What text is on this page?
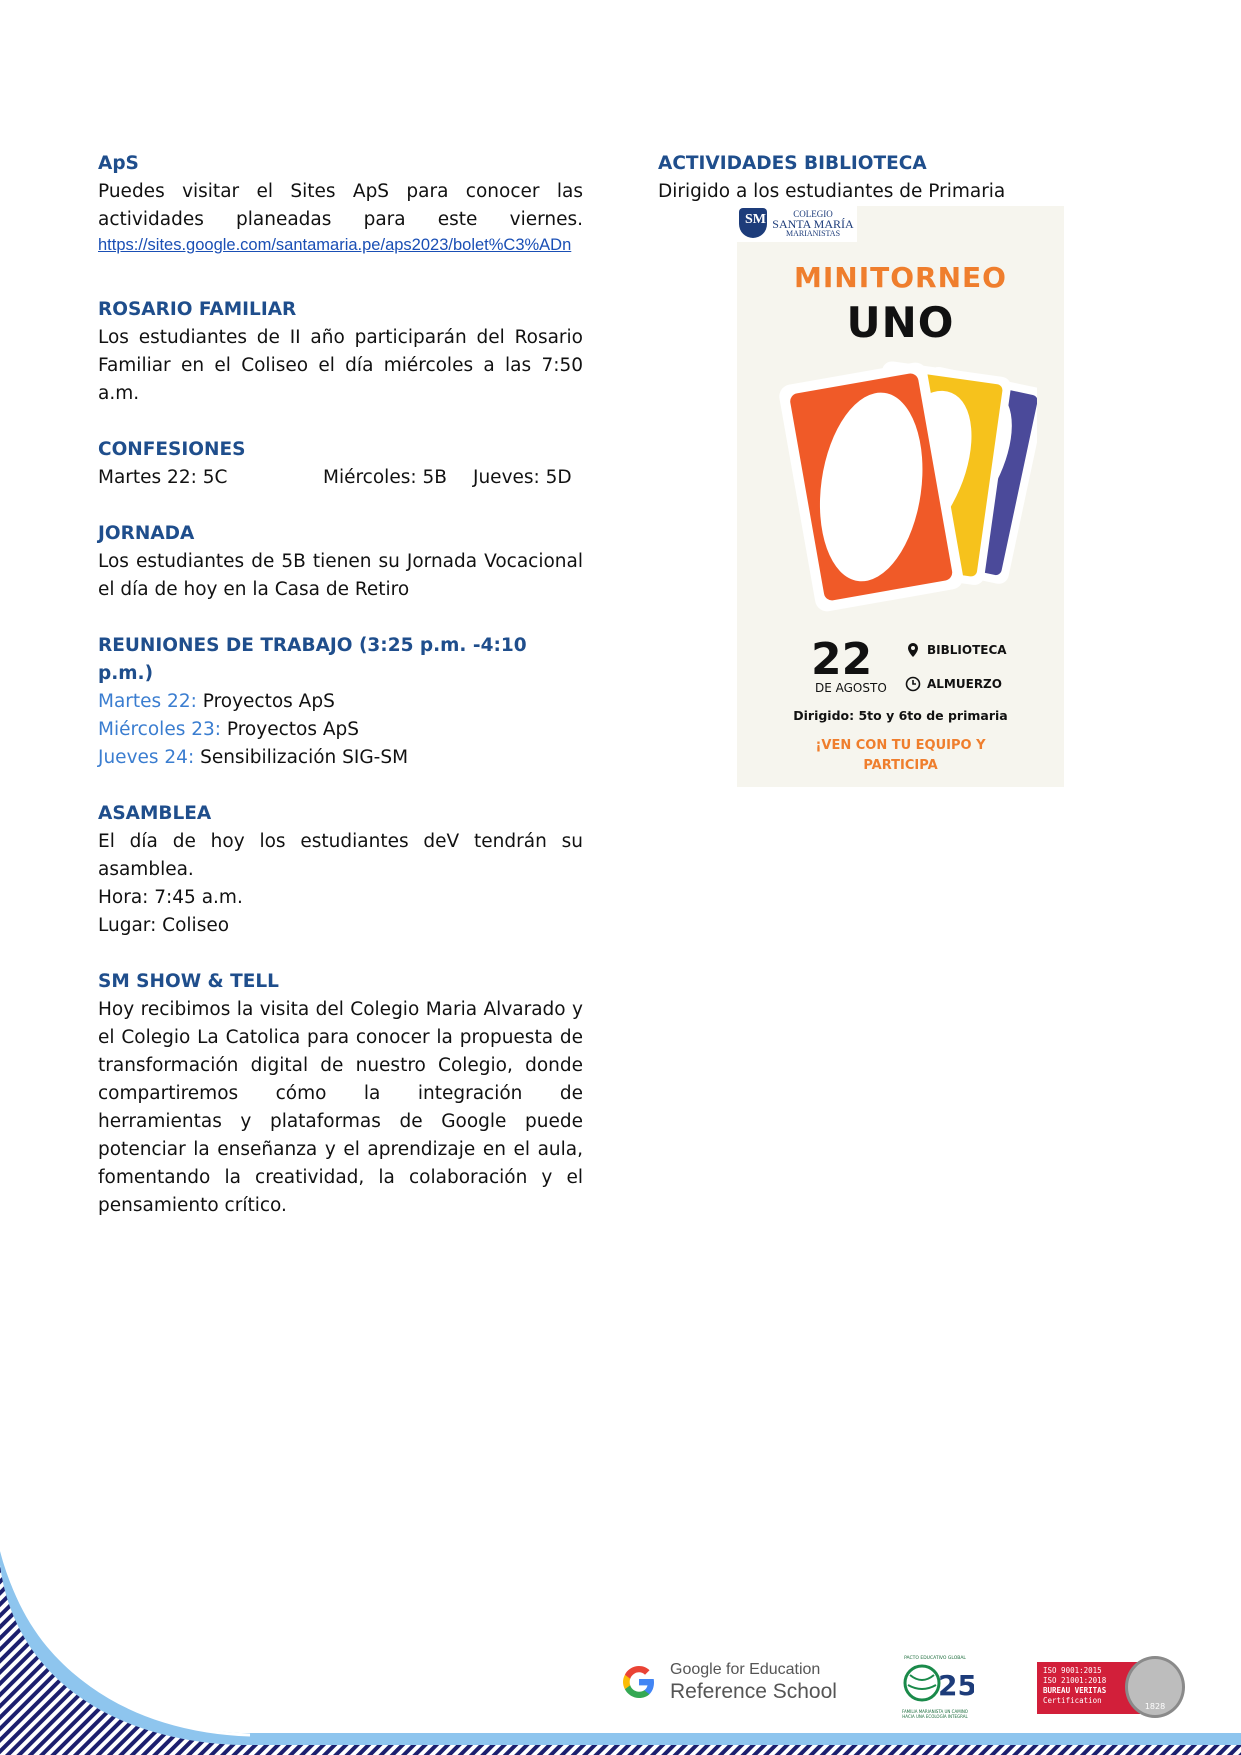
ApS

Puedes visitar el Sites ApS para conocer las actividades planeadas para este viernes.

https://sites.google.com/santamaria.pe/aps2023/bolet%C3%ADn

ROSARIO FAMILIAR

Los estudiantes de II año participarán del Rosario Familiar en el Coliseo el día miércoles a las 7:50 a.m.

CONFESIONES

Martes 22: 5C	Miércoles: 5B	Jueves: 5D

JORNADA

Los estudiantes de 5B tienen su Jornada Vocacional el día de hoy en la Casa de Retiro

REUNIONES DE TRABAJO (3:25 p.m. -4:10 p.m.)

Martes 22:
Proyectos ApS
Miércoles 23:
Proyectos ApS
Jueves 24:
Sensibilización SIG-SM

ASAMBLEA

El día de hoy los estudiantes deV tendrán su asamblea.

Hora: 7:45 a.m.

Lugar: Coliseo

SM SHOW & TELL

Hoy recibimos la visita del Colegio Maria Alvarado y el Colegio La Catolica para conocer la propuesta de transformación digital de nuestro Colegio, donde compartiremos cómo la integración de herramientas y plataformas de Google puede potenciar la enseñanza y el aprendizaje en el aula, fomentando la creatividad, la colaboración y el pensamiento crítico.

ACTIVIDADES BIBLIOTECA

Dirigido a los estudiantes de Primaria

SM	COLEGIO
SANTA MARÍA
MARIANISTAS
MINITORNEO
UNO
22
DE AGOSTO
BIBLIOTECA
ALMUERZO
Dirigido: 5to y 6to de primaria
¡VEN CON TU EQUIPO Y
PARTICIPA
Google for Education
Reference School
PACTO EDUCATIVO GLOBAL
25
FAMILIA MARIANISTA UN CAMINO HACIA UNA ECOLOGÍA INTEGRAL
ISO 9001:2015
ISO 21001:2018
BUREAU VERITAS
Certification
1828
